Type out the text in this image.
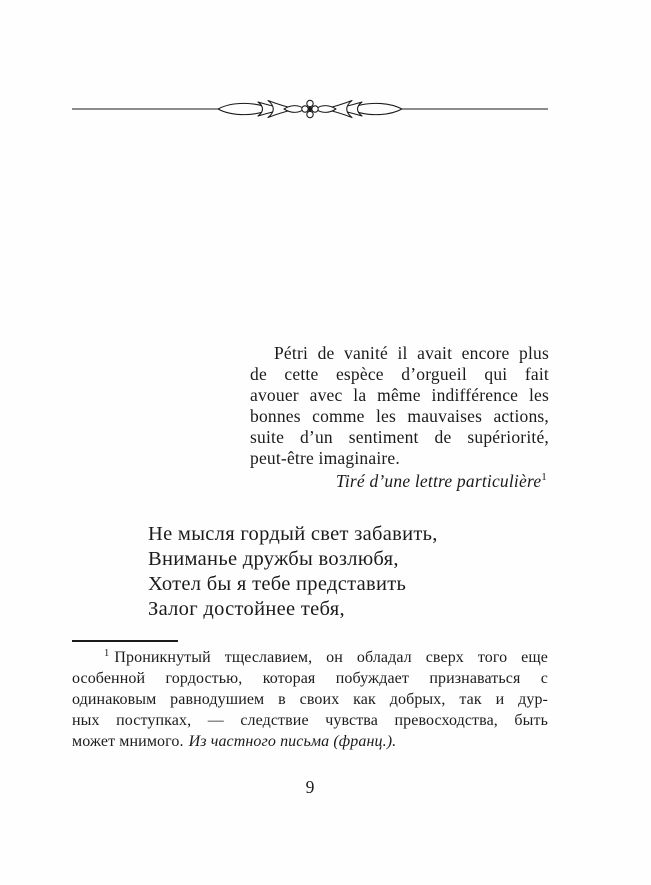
Pétri de vanité il avait encore plus
de cette espèce d’orgueil qui fait
avouer avec la même indifférence les
bonnes comme les mauvaises actions,
suite d’un sentiment de supériorité,
peut-être imaginaire.
Tiré d’une lettre particulière$^1$
Не мысля гордый свет забавить,
Вниманье дружбы возлюбя,
Хотел бы я тебе представить
Залог достойнее тебя,
$^1$ Проникнутый тщеславием, он обладал сверх того еще
особенной гордостью, которая побуждает признаваться с
одинаковым равнодушием в своих как добрых, так и дур-
ных поступках, — следствие чувства превосходства, быть
может мнимого. Из частного письма (франц.).
9
